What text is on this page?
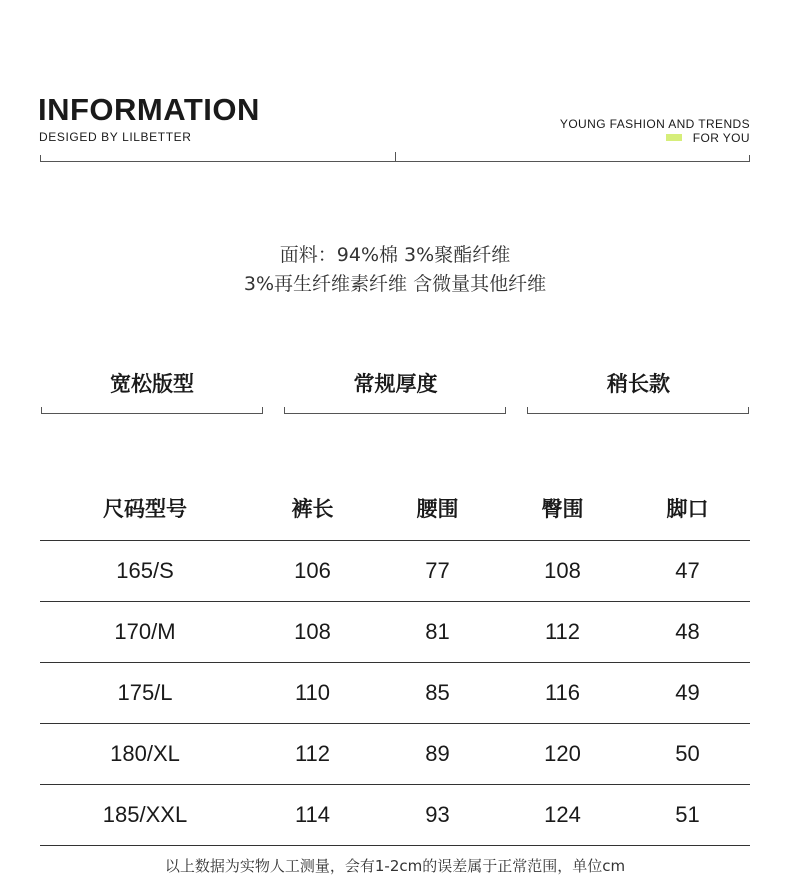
INFORMATION
DESIGED BY LILBETTER
YOUNG FASHION AND TRENDS
FOR YOU
面料：94%棉 3%聚酯纤维
3%再生纤维素纤维 含微量其他纤维
宽松版型	常规厚度	稍长款
尺码型号	裤长	腰围	臀围	脚口
165/S	106	77	108	47
170/M	108	81	112	48
175/L	110	85	116	49
180/XL	112	89	120	50
185/XXL	114	93	124	51
以上数据为实物人工测量，会有1-2cm的误差属于正常范围，单位cm
